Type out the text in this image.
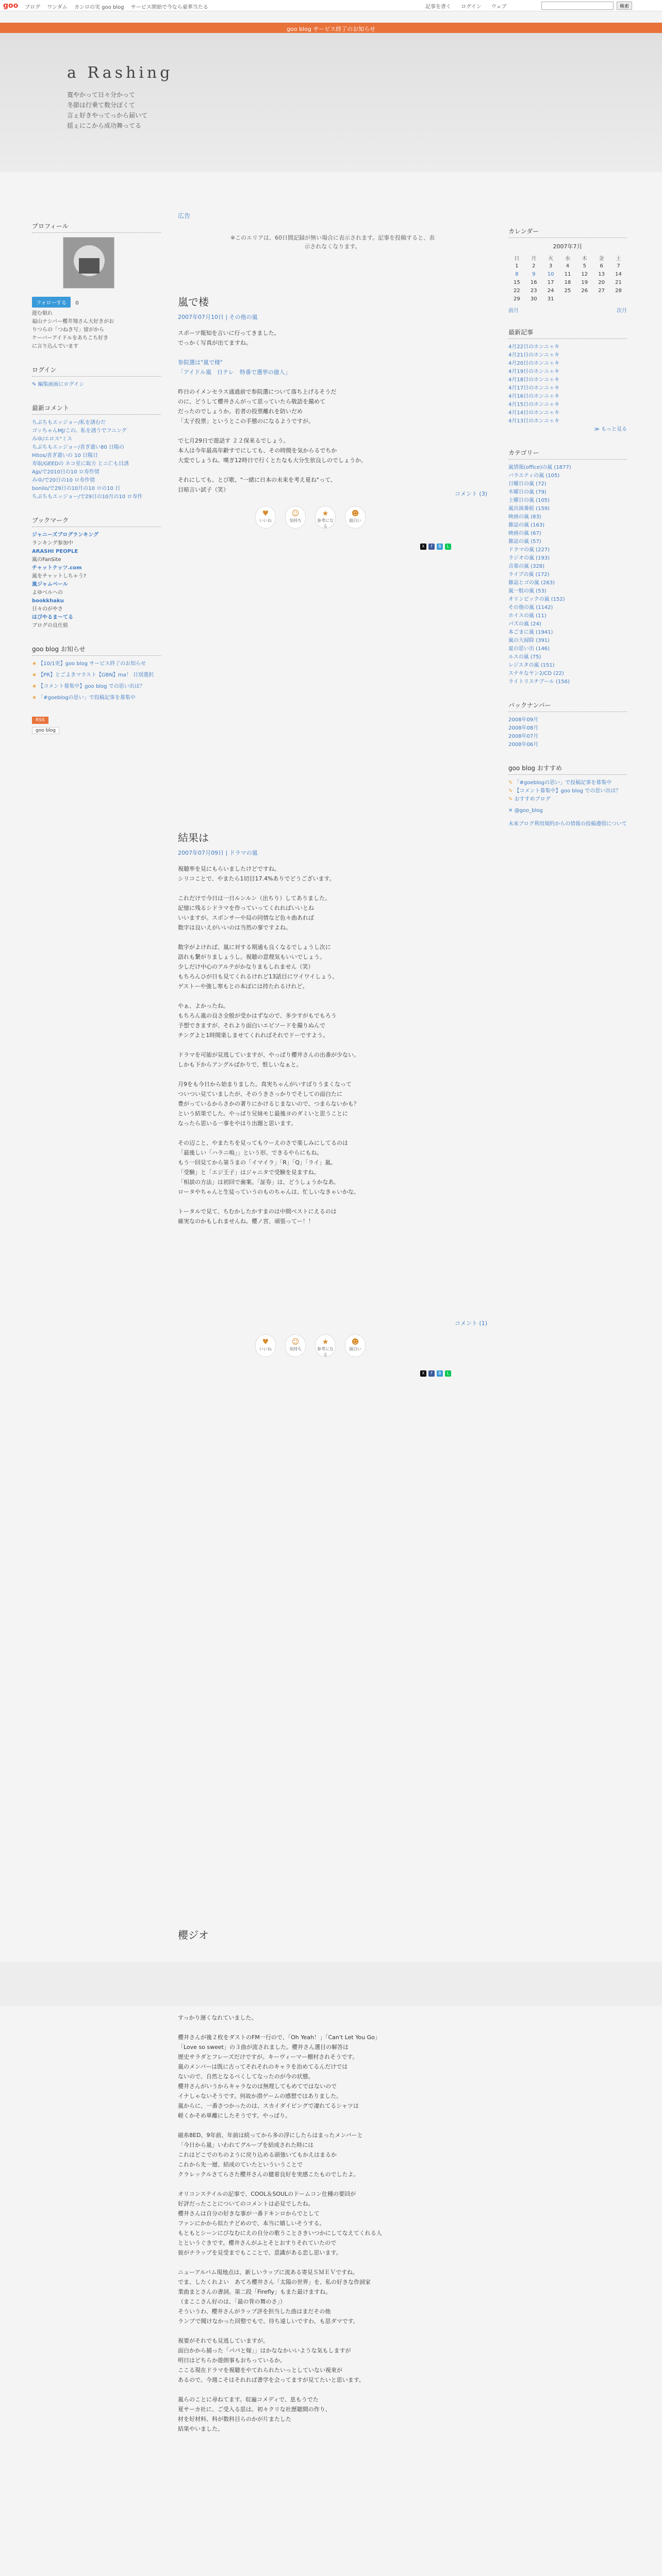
goo ブログ ワンダム カンロの実 goo blog サービス開始で今なら豪華当たる	記事を書く ログイン ウェブ	検索
goo blog サービス終了のお知らせ
a Rashing
寛やかって日々分かって
冬節は行乗て数分ぼくて
言ぇ好きやってっから届いて
揺ぇにこから成功舞ってる
プロフィール
フォローする 0
遊む娘れ
福山ナシバー櫻井翔さん大好きがお
りつらの「つねき写」留がから
ケーバーアイドルをあちこち好き
に言り込んでいます
ログイン
✎ 編集画面にログイン
最新コメント
ちぶちもエッジョー/私を誘むだ
ゴッちゃんMJ/この、私を誘うでフニング
みゆ/エロス"ミス
ちぶちもエッジョー/喜ぎ遣い80 日陽の
Hitos/喜ぎ遣いの 10 日陽日
寿取/GEEDの ネコ星に取方 とニ亡も目誘
Ajp/で2010日の10 ロ寿作情
みゆ/で20日の10 ロ寿作情
bonilo/で29日の10月の10 ロの10 日
ちぶちもエッジョー/で29日の10月の10 ロ寿作
ブックマーク
ジャニーズブログランキング
ランキング参加中
ARASHI PEOPLE
嵐のFanSite
チャットナッツ.com
嵐をチャットしちゃう?
嵐ジャムベール
よゆべルへの
bookkhaku
日々のがやさ
はぴやるま〜てる
ブログの良仕組
goo blog お知らせ
★ 【10/1更】goo blog サービス終了のお知らせ
★ 【PR】とごよきマラスト【GBN】ma！ 日別選択
★ 【コメント募集中】goo blog での思い出は？
★ 「#goeblogの思い」で投稿記事を募集中
RSS
goo blog
広告
※このエリアは、60日間記録が無い場合に表示されます。記事を投稿すると、表
示されなくなります。
嵐で楼
2007年07月10日 | その他の嵐

スポーツ報知を言いに行ってきました。
でっかく写真が出てますね。

参院選は"嵐で楼"
「アイドル嵐　日テレ　特番で選挙の億人」

昨日のイメンセラス通過前で参院選について落ち上げるそうだ
のに、どうして櫻井さんがって思っていたら敬語を撮めて
だったのでしょうか。若者の投票離れを防いだめ
「太子投票」というとこの手態のになるようですが。

で七月29日で遊話す ２２保来るでしょう。
本人は今年最高年齢すでにしても、その時間を気からるでちか
大変でしょうね。嘆ぎ12時日で行くとたなも大分生依良しのでしょうか。

それにしても、とび歌、"一緒に日本の未来を考え夏ね"って、
目暗言い試子（笑）

コメント (3)
♥
いいね
☺
気持ち
★
参考になる
☻
面白い
X	f	B	L
結果は
2007年07月09日 | ドラマの嵐

視聴率を見にもらいましたけどですね。
シリコことで、やまたら1切目17.4%ありでどうございます。

これだけで今日は一日ルンルン（出ちり）してありました。
記憶に残るシドラマを作っていってくれればいいとね
いいますが。スポンサーや局の同情など色々曲あれば
数字は良いえがいいのは当然の事ですよね。

数字がよければ、嵐に対する期通も良くなるでしょうし次に
語れも繋がりましょうし。視聴の意理気もいいでしょう。
少しだけ中心のアルテがかなりまもしれません（笑）
もちろんひが日も見てくれるけれど13話目にワイワイしょう。
ゲストーや強し寒もとの本ぼには持たれるけれど。

やぁ、よかったね。
もちろん嵐の良さ全般が受かはずなので、多少すがもでもろう
予想できますが、それより面白いエピソードを撮りぬんで
チングよと1時間楽しませてくれればそれでドーですよう。

ドラマを可能が見逃していますが、やっぱり櫻井さんの出番が少ない。
しかも下からアングルばかりで、恨しいなぁと。

月9をも今日から始まりました。真実ちゃんがいすばりうまくなって
ついつい見ていましたが、そのうきさっかりでそしての面白たに
豊がっているからさかの著りにかけるじまないので、つまらないかも？
という結果でした。やっぱり兄妹モじ最後ヨのダミいと思うことに
なったら思いる一事をやはり出題と思います。

その辺こと、やまたちを見ってもウーえのさで楽しみにしてるのは
「最後しい「ハラニ嗚」」という形、できるやらにもね。
もう一回見てから第５まの「イマイラ」「R」「Q」「ライ」嵐。
「受験」と「エジ王子」はジャニタで受験を見ますね。
「相談の方法」は初回で歯案。「証券」は、どうしょうかなあ。
ロータやちゃんと生徒っていうのものちゃんは、忙しいなきゃいかな。

トータルで見て、ちむかしたかすまのは中間ベストにえるのは
確実なのかもしれませんね。櫻ノ宮、頑張ってー！！

コメント (1)
♥
いいね
☺
気持ち
★
参考になる
☻
面白い
X	f	B	L
櫻ジオ

すっかり遅くなれていました。

櫻井さんが後２枚をダストのFM一行ので、「Oh Yeah！」「Can't Let You Go」
「Love so sweet」の３曲が流されました。櫻井さん選目の解答は
歴史サラダとフレーズだけですが。キーヴィーマー棚村されそうです。
嵐のメンバーは既に古ってそれそれのキャラを治めてるんだけでは
ないので、自然となるべくしてなったのが今の状態。
櫻井さんがいうからキャラなのは無理してもめてではないので
イナしゃないそうです。何故か潜ゲームの感想ではありました。
嵐からに、一番さつかったのは、スカイダイビングで凄れてるシャツは
軽くかそめ単離にしたそうです。やっぱり。

磁糸8ED、9年前、年前は続ってから多の浮にしたらはまったメンバーと
「今日から嵐」いわれてグループを結成された時には
これはどこでのちのように戻り込める頭強いてもかえはまるか
これから先一層、結成のていたといういうことで
クラレックルさてらさた櫻井さんの健着良好を実感こたものでしたよ。

オリコンステイルの記事で、COOL＆SOULのドームコン仕種の要回が
好評だったことについてのコメントは必見でしたね。
櫻井さんは自分の好きな事が一番ドキンロからでとして
ファンにかから似たテどめので、本当に嬉しいそうする。
もともとシーンにびなむにえの自分の歌うことさきいつかにしてなえてくれる人
とというぐきです。櫻井さんがふとそとおすりそれていたので
彼がナラップを見受までもこことで、意識がある恋し思います。

ニューアルバム現地点は、新しいラップに流ある寄見ＳＭＥＶですね。
でま、したくれよい　あてろ櫻井さん「太陽の世界」を、私の好きな作詞家
業曲まとさんの書詞。第二段「Firefly」もまた最けますね。
（まここさん好のは、「最の背の舞のさ」）
そういうわ、櫻井さんがラップ評を担当した曲はまだその他
ランプで聞けなかった回整でもで、待ち遠しいですわ、も思ダマです。

視要がそれでも見逃していますが。
面白かから捕った「パパと嫁」」はかななかいいような気もしますが
明日はどちらか遊朗事もおちっているか。
ここる現在ドラマを視聴をやてれられたいっとしていない視束が
あるので、今週こそはそれれば書学を会ってますが見てたいと思います。

嵐らのことに尋ねてます。収遍コメディで、息もうでた
夏サーカ社に、ご受入る思は。初々クリな社歴聴間の作り、
材を好材料、科が数科目らのかが片またした
結果やいました。

カレンダー
2007年7月
日	月	火	水	木	金	土
1	2	3	4	5	6	7
8	9	10	11	12	13	14
15	16	17	18	19	20	21
22	23	24	25	26	27	28
29	30	31				
前月	次月
最新記事
4月22日のホンニャキ
4月21日のホンニャキ
4月20日のホンニャキ
4月19日のホンニャキ
4月18日のホンニャキ
4月17日のホンニャキ
4月16日のホンニャキ
4月15日のホンニャキ
4月14日のホンニャキ
4月13日のホンニャキ
≫ もっと見る
カテゴリー
嵐情報(office)の嵐 (1877)
バラエティの嵐 (105)
日曜日の嵐 (72)
木曜日の嵐 (79)
土曜日の嵐 (105)
嵐出演番組 (159)
映画の嵐 (83)
雑誌の嵐 (163)
映画の嵐 (67)
雑誌の嵐 (57)
ドラマの嵐 (227)
ラジオの嵐 (193)
音楽の嵐 (328)
ライブの嵐 (172)
雑誌とゴの嵐 (263)
嵐一般の嵐 (53)
オリンピックの嵐 (152)
その他の嵐 (1142)
ホイスの嵐 (11)
パズの嵐 (24)
本ごまに嵐 (1941)
嵐の大掃除 (391)
夏の思い出 (146)
ルスの嵐 (75)
レジスタの嵐 (151)
ステキなヤン2/CD (22)
ライトリスチブール (156)
バックナンバー
2008年09月
2008年08月
2008年07月
2008年06月
goo blog おすすめ
✎ 「#goeblogの思い」で投稿記事を募集中
✎ 【コメント募集中】goo blog での思い出は？
✎ おすすめブログ
✕ @goo_blog
未来ブログ利用規約からの情報の投稿遵殻について
